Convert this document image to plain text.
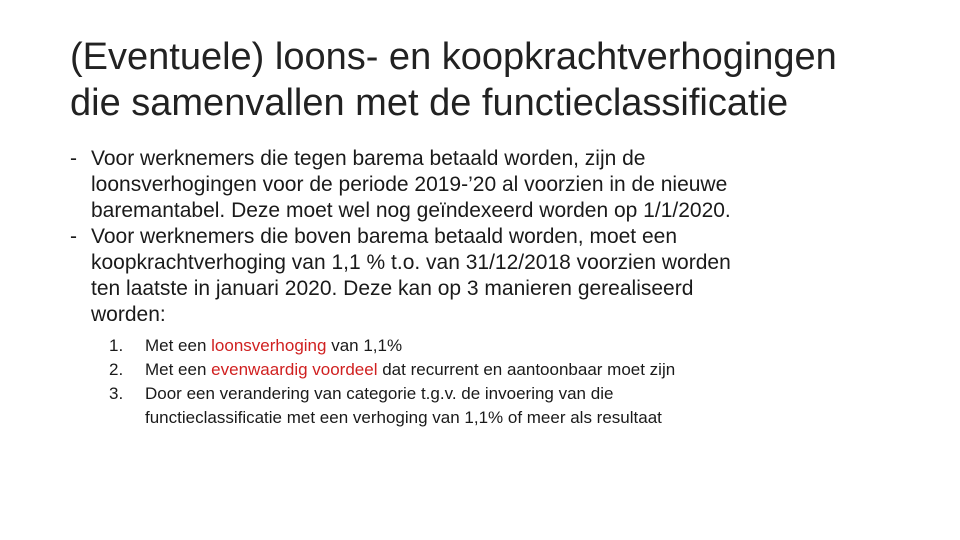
(Eventuele) loons- en koopkrachtverhogingen
die samenvallen met de functieclassificatie
- Voor werknemers die tegen barema betaald worden, zijn de
loonsverhogingen voor de periode 2019-’20 al voorzien in de nieuwe
baremantabel. Deze moet wel nog geïndexeerd worden op 1/1/2020.
- Voor werknemers die boven barema betaald worden, moet een
koopkrachtverhoging van 1,1 % t.o. van 31/12/2018 voorzien worden
ten laatste in januari 2020. Deze kan op 3 manieren gerealiseerd
worden:
1. Met een loonsverhoging van 1,1%
2. Met een evenwaardig voordeel dat recurrent en aantoonbaar moet zijn
3. Door een verandering van categorie t.g.v. de invoering van die
functieclassificatie met een verhoging van 1,1% of meer als resultaat
